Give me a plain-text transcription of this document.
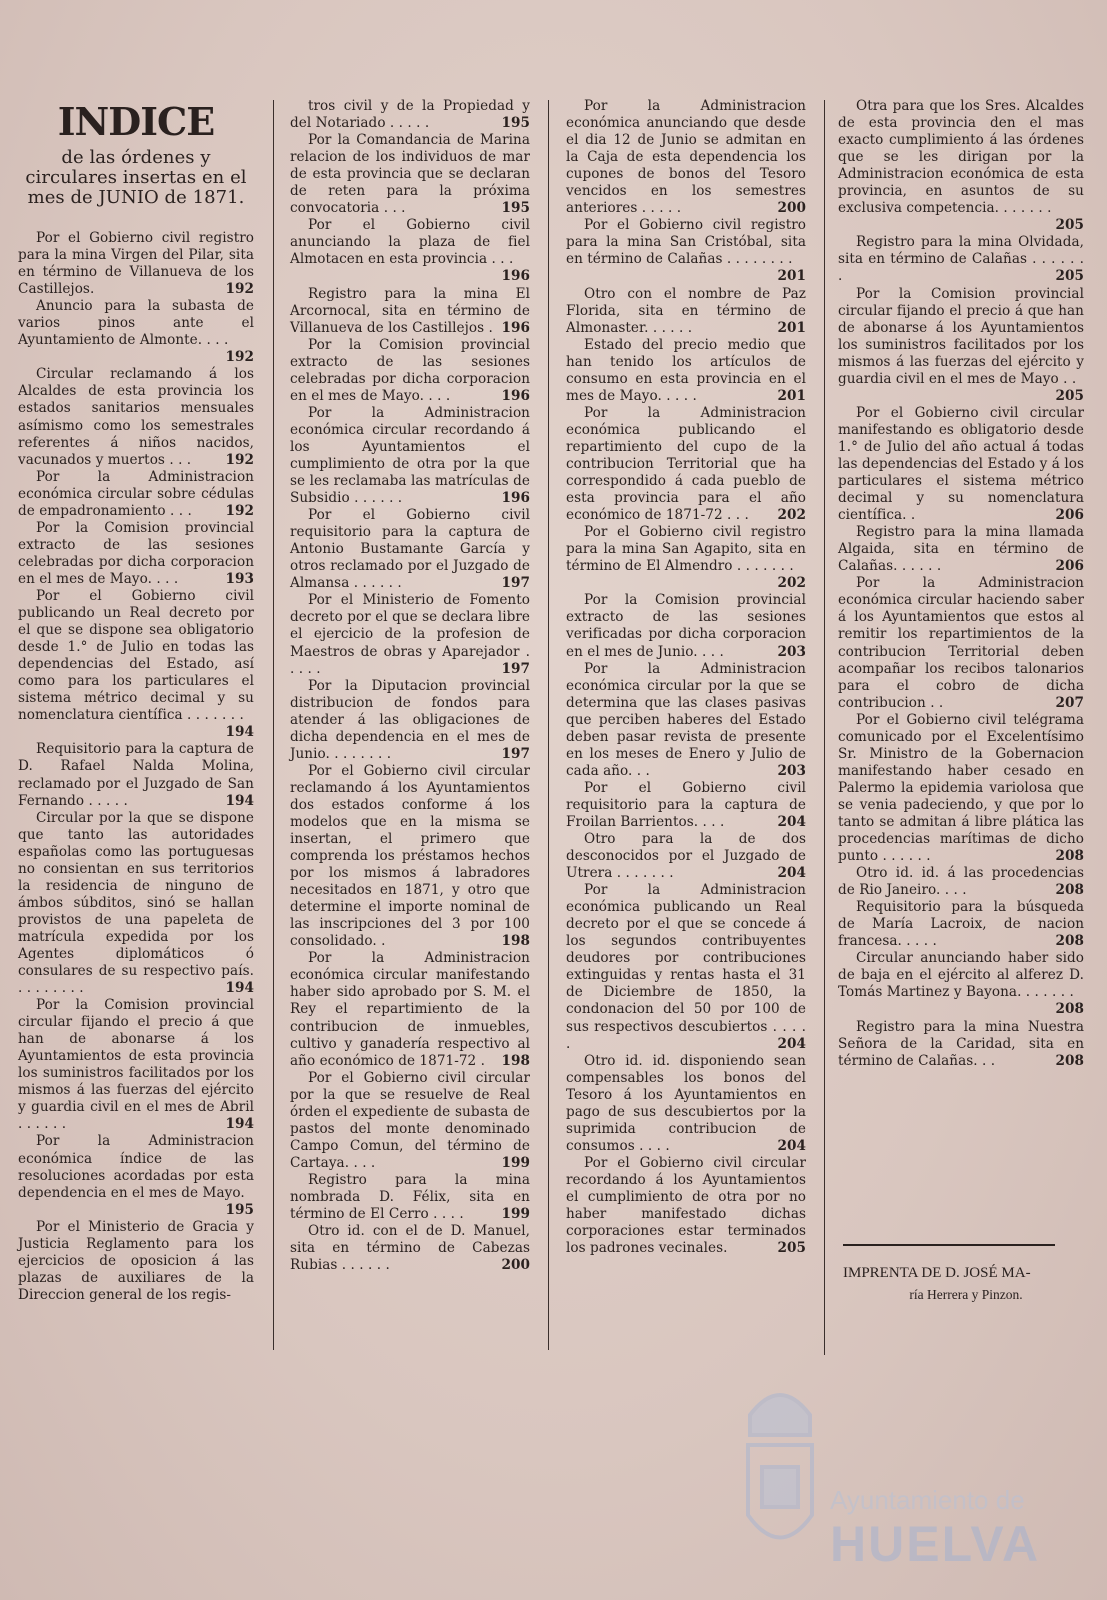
INDICE
de las órdenes y circulares insertas en el mes de JUNIO de 1871.

Por el Gobierno civil registro para la mina Virgen del Pilar, sita en término de Villanueva de los Castillejos.	192

Anuncio para la subasta de varios pinos ante el Ayuntamiento de Almonte. . . .
192

Circular reclamando á los Alcaldes de esta provincia los estados sanitarios mensuales asímismo como los semestrales referentes á niños nacidos, vacunados y muertos . . .	192

Por la Administracion económica circular sobre cédulas de empadronamiento . . . 192

Por la Comision provincial extracto de las sesiones celebradas por dicha corporacion en el mes de Mayo. . . .	193

Por el Gobierno civil publicando un Real decreto por el que se dispone sea obligatorio desde 1.° de Julio en todas las dependencias del Estado, así como para los particulares el sistema métrico decimal y su nomenclatura científica . . . . . . .
194

Requisitorio para la captura de D. Rafael Nalda Molina, reclamado por el Juzgado de San Fernando . . . . .	194

Circular por la que se dispone que tanto las autoridades españolas como las portuguesas no consientan en sus territorios la residencia de ninguno de ámbos súbditos, sinó se hallan provistos de una papeleta de matrícula expedida por los Agentes diplomáticos ó consulares de su respectivo país. . . . . . . . .	194

Por la Comision provincial circular fijando el precio á que han de abonarse á los Ayuntamientos de esta provincia los suministros facilitados por los mismos á las fuerzas del ejército y guardia civil en el mes de Abril . . . . . .	194

Por la Administracion económica índice de las resoluciones acordadas por esta dependencia en el mes de Mayo.
195

Por el Ministerio de Gracia y Justicia Reglamento para los ejercicios de oposicion á las plazas de auxiliares de la Direccion general de los regis-

tros civil y de la Propiedad y del Notariado . . . . .	195

Por la Comandancia de Marina relacion de los individuos de mar de esta provincia que se declaran de reten para la próxima convocatoria . . .	195

Por el Gobierno civil anunciando la plaza de fiel Almotacen en esta provincia . . .
196

Registro para la mina El Arcornocal, sita en término de Villanueva de los Castillejos . 196

Por la Comision provincial extracto de las sesiones celebradas por dicha corporacion en el mes de Mayo. . . .	196

Por la Administracion económica circular recordando á los Ayuntamientos el cumplimiento de otra por la que se les reclamaba las matrículas de Subsidio . . . . . .	196

Por el Gobierno civil requisitorio para la captura de Antonio Bustamante García y otros reclamado por el Juzgado de Almansa . . . . . .	197

Por el Ministerio de Fomento decreto por el que se declara libre el ejercicio de la profesion de Maestros de obras y Aparejador . . . . .	197

Por la Diputacion provincial distribucion de fondos para atender á las obligaciones de dicha dependencia en el mes de Junio. . . . . . . .	197

Por el Gobierno civil circular reclamando á los Ayuntamientos dos estados conforme á los modelos que en la misma se insertan, el primero que comprenda los préstamos hechos por los mismos á labradores necesitados en 1871, y otro que determine el importe nominal de las inscripciones del 3 por 100 consolidado. .	198

Por la Administracion económica circular manifestando haber sido aprobado por S. M. el Rey el repartimiento de la contribucion de inmuebles, cultivo y ganadería respectivo al año económico de 1871-72 . 198

Por el Gobierno civil circular por la que se resuelve de Real órden el expediente de subasta de pastos del monte denominado Campo Comun, del término de Cartaya. . . .	199

Registro para la mina nombrada D. Félix, sita en término de El Cerro . . . .	199

Otro id. con el de D. Manuel, sita en término de Cabezas Rubias . . . . . .	200

Por la Administracion económica anunciando que desde el dia 12 de Junio se admitan en la Caja de esta dependencia los cupones de bonos del Tesoro vencidos en los semestres anteriores . . . . .	200

Por el Gobierno civil registro para la mina San Cristóbal, sita en término de Calañas . . . . . . . .
201

Otro con el nombre de Paz Florida, sita en término de Almonaster. . . . . .	201

Estado del precio medio que han tenido los artículos de consumo en esta provincia en el mes de Mayo. . . . .	201

Por la Administracion económica publicando el repartimiento del cupo de la contribucion Territorial que ha correspondido á cada pueblo de esta provincia para el año económico de 1871-72 . . . 202

Por el Gobierno civil registro para la mina San Agapito, sita en término de El Almendro . . . . . . .
202

Por la Comision provincial extracto de las sesiones verificadas por dicha corporacion en el mes de Junio. . . .	203

Por la Administracion económica circular por la que se determina que las clases pasivas que perciben haberes del Estado deben pasar revista de presente en los meses de Enero y Julio de cada año. . .	203

Por el Gobierno civil requisitorio para la captura de Froilan Barrientos. . . .	204

Otro para la de dos desconocidos por el Juzgado de Utrera . . . . . . .	204

Por la Administracion económica publicando un Real decreto por el que se concede á los segundos contribuyentes deudores por contribuciones extinguidas y rentas hasta el 31 de Diciembre de 1850, la condonacion del 50 por 100 de sus respectivos descubiertos . . . . .	204

Otro id. id. disponiendo sean compensables los bonos del Tesoro á los Ayuntamientos en pago de sus descubiertos por la suprimida contribucion de consumos . . . .	204

Por el Gobierno civil circular recordando á los Ayuntamientos el cumplimiento de otra por no haber manifestado dichas corporaciones estar terminados los padrones vecinales.	205

Otra para que los Sres. Alcaldes de esta provincia den el mas exacto cumplimiento á las órdenes que se les dirigan por la Administracion económica de esta provincia, en asuntos de su exclusiva competencia. . . . . . .
205

Registro para la mina Olvidada, sita en término de Calañas . . . . . . .	205

Por la Comision provincial circular fijando el precio á que han de abonarse á los Ayuntamientos los suministros facilitados por los mismos á las fuerzas del ejército y guardia civil en el mes de Mayo . .
205

Por el Gobierno civil circular manifestando es obligatorio desde 1.° de Julio del año actual á todas las dependencias del Estado y á los particulares el sistema métrico decimal y su nomenclatura científica. .	206

Registro para la mina llamada Algaida, sita en término de Calañas. . . . . .	206

Por la Administracion económica circular haciendo saber á los Ayuntamientos que estos al remitir los repartimientos de la contribucion Territorial deben acompañar los recibos talonarios para el cobro de dicha contribucion . .	207

Por el Gobierno civil telégrama comunicado por el Excelentísimo Sr. Ministro de la Gobernacion manifestando haber cesado en Palermo la epidemia variolosa que se venia padeciendo, y que por lo tanto se admitan á libre plática las procedencias marítimas de dicho punto . . . . . .	208

Otro id. id. á las procedencias de Rio Janeiro. . . .	208

Requisitorio para la búsqueda de María Lacroix, de nacion francesa. . . . .	208

Circular anunciando haber sido de baja en el ejército al alferez D. Tomás Martinez y Bayona. . . . . . .
208

Registro para la mina Nuestra Señora de la Caridad, sita en término de Calañas. . .	208

IMPRENTA DE D. JOSÉ MA-

ría Herrera y Pinzon.
Ayuntamiento de
HUELVA
